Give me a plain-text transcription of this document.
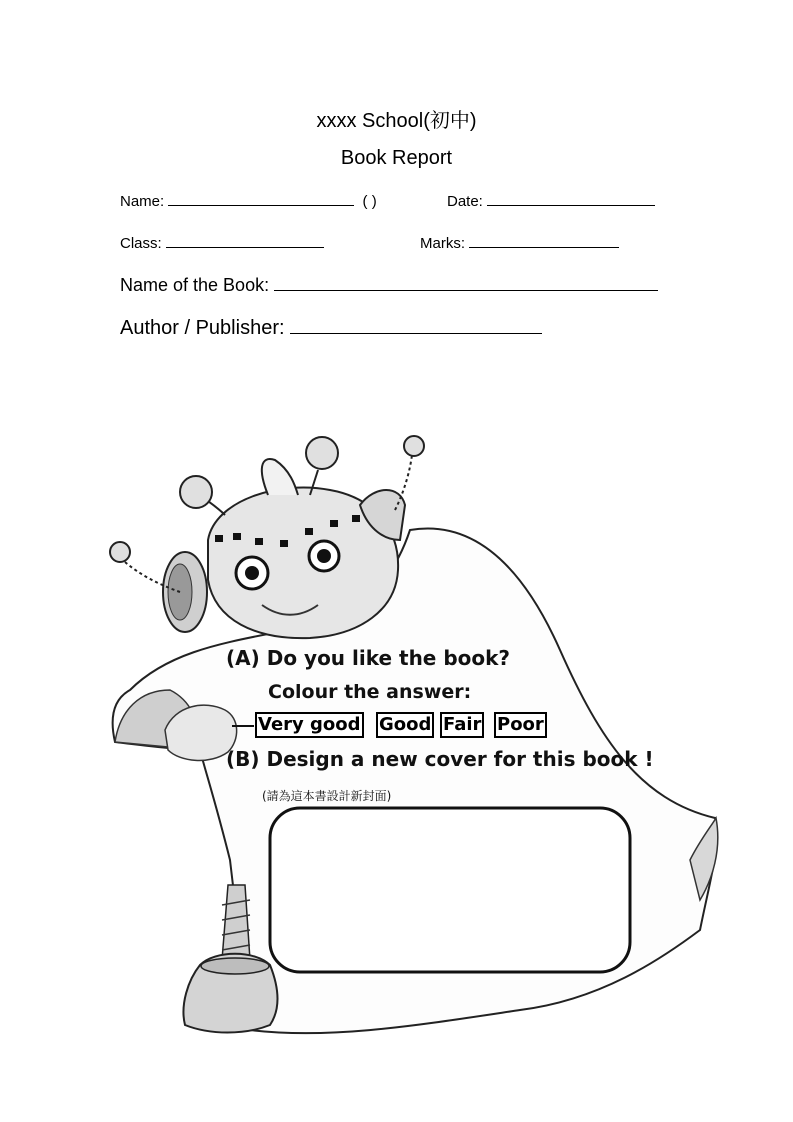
xxxx School(初中)
Book Report
Name:	( )	Date:
Class:	Marks:
Name of the Book:
Author / Publisher:
(A) Do you like the book?
Colour the answer:
(B) Design a new cover for this book !
(請為這本書設計新封面)
Very good Good Fair Poor
